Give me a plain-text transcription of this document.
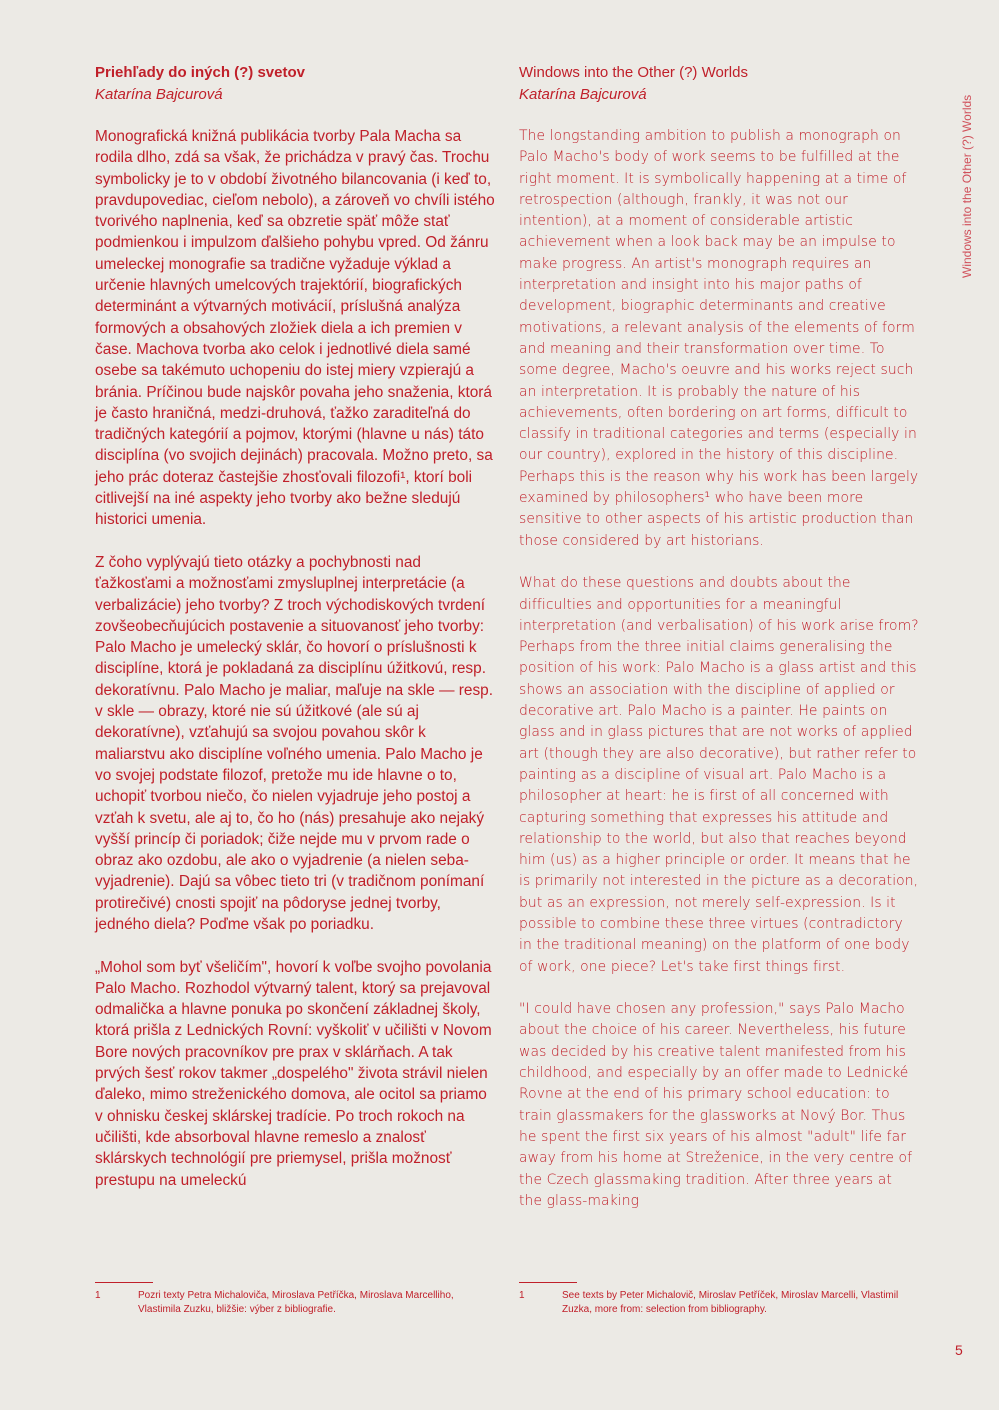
Priehľady do iných (?) svetov

Katarína Bajcurová

Monografická knižná publikácia tvorby Pala Macha sa rodila dlho, zdá sa však, že prichádza v pravý čas. Trochu symbolicky je to v období životného bilancovania (i keď to, pravdupovediac, cieľom nebolo), a zároveň vo chvíli istého tvorivého naplnenia, keď sa obzretie späť môže stať podmienkou i impulzom ďalšieho pohybu vpred. Od žánru umeleckej monografie sa tradične vyžaduje výklad a určenie hlavných umelcových trajektórií, biografických determinánt a výtvarných motivácií, príslušná analýza formových a obsahových zložiek diela a ich premien v čase. Machova tvorba ako celok i jednotlivé diela samé osebe sa takémuto uchopeniu do istej miery vzpierajú a bránia. Príčinou bude najskôr povaha jeho snaženia, ktorá je často hraničná, medzi-druhová, ťažko zaraditeľná do tradičných kategórií a pojmov, ktorými (hlavne u nás) táto disciplína (vo svojich dejinách) pracovala. Možno preto, sa jeho prác doteraz častejšie zhosťovali filozofi¹, ktorí boli citlivejší na iné aspekty jeho tvorby ako bežne sledujú historici umenia.

Z čoho vyplývajú tieto otázky a pochybnosti nad ťažkosťami a možnosťami zmysluplnej interpretácie (a verbalizácie) jeho tvorby? Z troch východiskových tvrdení zovšeobecňujúcich postavenie a situovanosť jeho tvorby: Palo Macho je umelecký sklár, čo hovorí o príslušnosti k disciplíne, ktorá je pokladaná za disciplínu úžitkovú, resp. dekoratívnu. Palo Macho je maliar, maľuje na skle — resp. v skle — obrazy, ktoré nie sú úžitkové (ale sú aj dekoratívne), vzťahujú sa svojou povahou skôr k maliarstvu ako disciplíne voľného umenia. Palo Macho je vo svojej podstate filozof, pretože mu ide hlavne o to, uchopiť tvorbou niečo, čo nielen vyjadruje jeho postoj a vzťah k svetu, ale aj to, čo ho (nás) presahuje ako nejaký vyšší princíp či poriadok; čiže nejde mu v prvom rade o obraz ako ozdobu, ale ako o vyjadrenie (a nielen seba-vyjadrenie). Dajú sa vôbec tieto tri (v tradičnom ponímaní protirečivé) cnosti spojiť na pôdoryse jednej tvorby, jedného diela? Poďme však po poriadku.

„Mohol som byť všeličím", hovorí k voľbe svojho povolania Palo Macho. Rozhodol výtvarný talent, ktorý sa prejavoval odmalička a hlavne ponuka po skončení základnej školy, ktorá prišla z Lednických Rovní: vyškoliť v učilišti v Novom Bore nových pracovníkov pre prax v sklárňach. A tak prvých šesť rokov takmer „dospelého" života strávil nielen ďaleko, mimo streženického domova, ale ocitol sa priamo v ohnisku českej sklárskej tradície. Po troch rokoch na učilišti, kde absorboval hlavne remeslo a znalosť sklárskych technológií pre priemysel, prišla možnosť prestupu na umeleckú

Windows into the Other (?) Worlds

Katarína Bajcurová

The longstanding ambition to publish a monograph on Palo Macho's body of work seems to be fulfilled at the right moment. It is symbolically happening at a time of retrospection (although, frankly, it was not our intention), at a moment of considerable artistic achievement when a look back may be an impulse to make progress. An artist's monograph requires an interpretation and insight into his major paths of development, biographic determinants and creative motivations, a relevant analysis of the elements of form and meaning and their transformation over time. To some degree, Macho's oeuvre and his works reject such an interpretation. It is probably the nature of his achievements, often bordering on art forms, difficult to classify in traditional categories and terms (especially in our country), explored in the history of this discipline. Perhaps this is the reason why his work has been largely examined by philosophers¹ who have been more sensitive to other aspects of his artistic production than those considered by art historians.

What do these questions and doubts about the difficulties and opportunities for a meaningful interpretation (and verbalisation) of his work arise from? Perhaps from the three initial claims generalising the position of his work: Palo Macho is a glass artist and this shows an association with the discipline of applied or decorative art. Palo Macho is a painter. He paints on glass and in glass pictures that are not works of applied art (though they are also decorative), but rather refer to painting as a discipline of visual art. Palo Macho is a philosopher at heart: he is first of all concerned with capturing something that expresses his attitude and relationship to the world, but also that reaches beyond him (us) as a higher principle or order. It means that he is primarily not interested in the picture as a decoration, but as an expression, not merely self-expression. Is it possible to combine these three virtues (contradictory in the traditional meaning) on the platform of one body of work, one piece? Let's take first things first.

"I could have chosen any profession," says Palo Macho about the choice of his career. Nevertheless, his future was decided by his creative talent manifested from his childhood, and especially by an offer made to Lednické Rovne at the end of his primary school education: to train glassmakers for the glassworks at Nový Bor. Thus he spent the first six years of his almost "adult" life far away from his home at Streženice, in the very centre of the Czech glassmaking tradition. After three years at the glass-making

1	Pozri texty Petra Michaloviča, Miroslava Petříčka, Miroslava Marcelliho, Vlastimila Zuzku, bližšie: výber z bibliografie.
1	See texts by Peter Michalovič, Miroslav Petříček, Miroslav Marcelli, Vlastimil Zuzka, more from: selection from bibliography.
Windows into the Other (?) Worlds
5
